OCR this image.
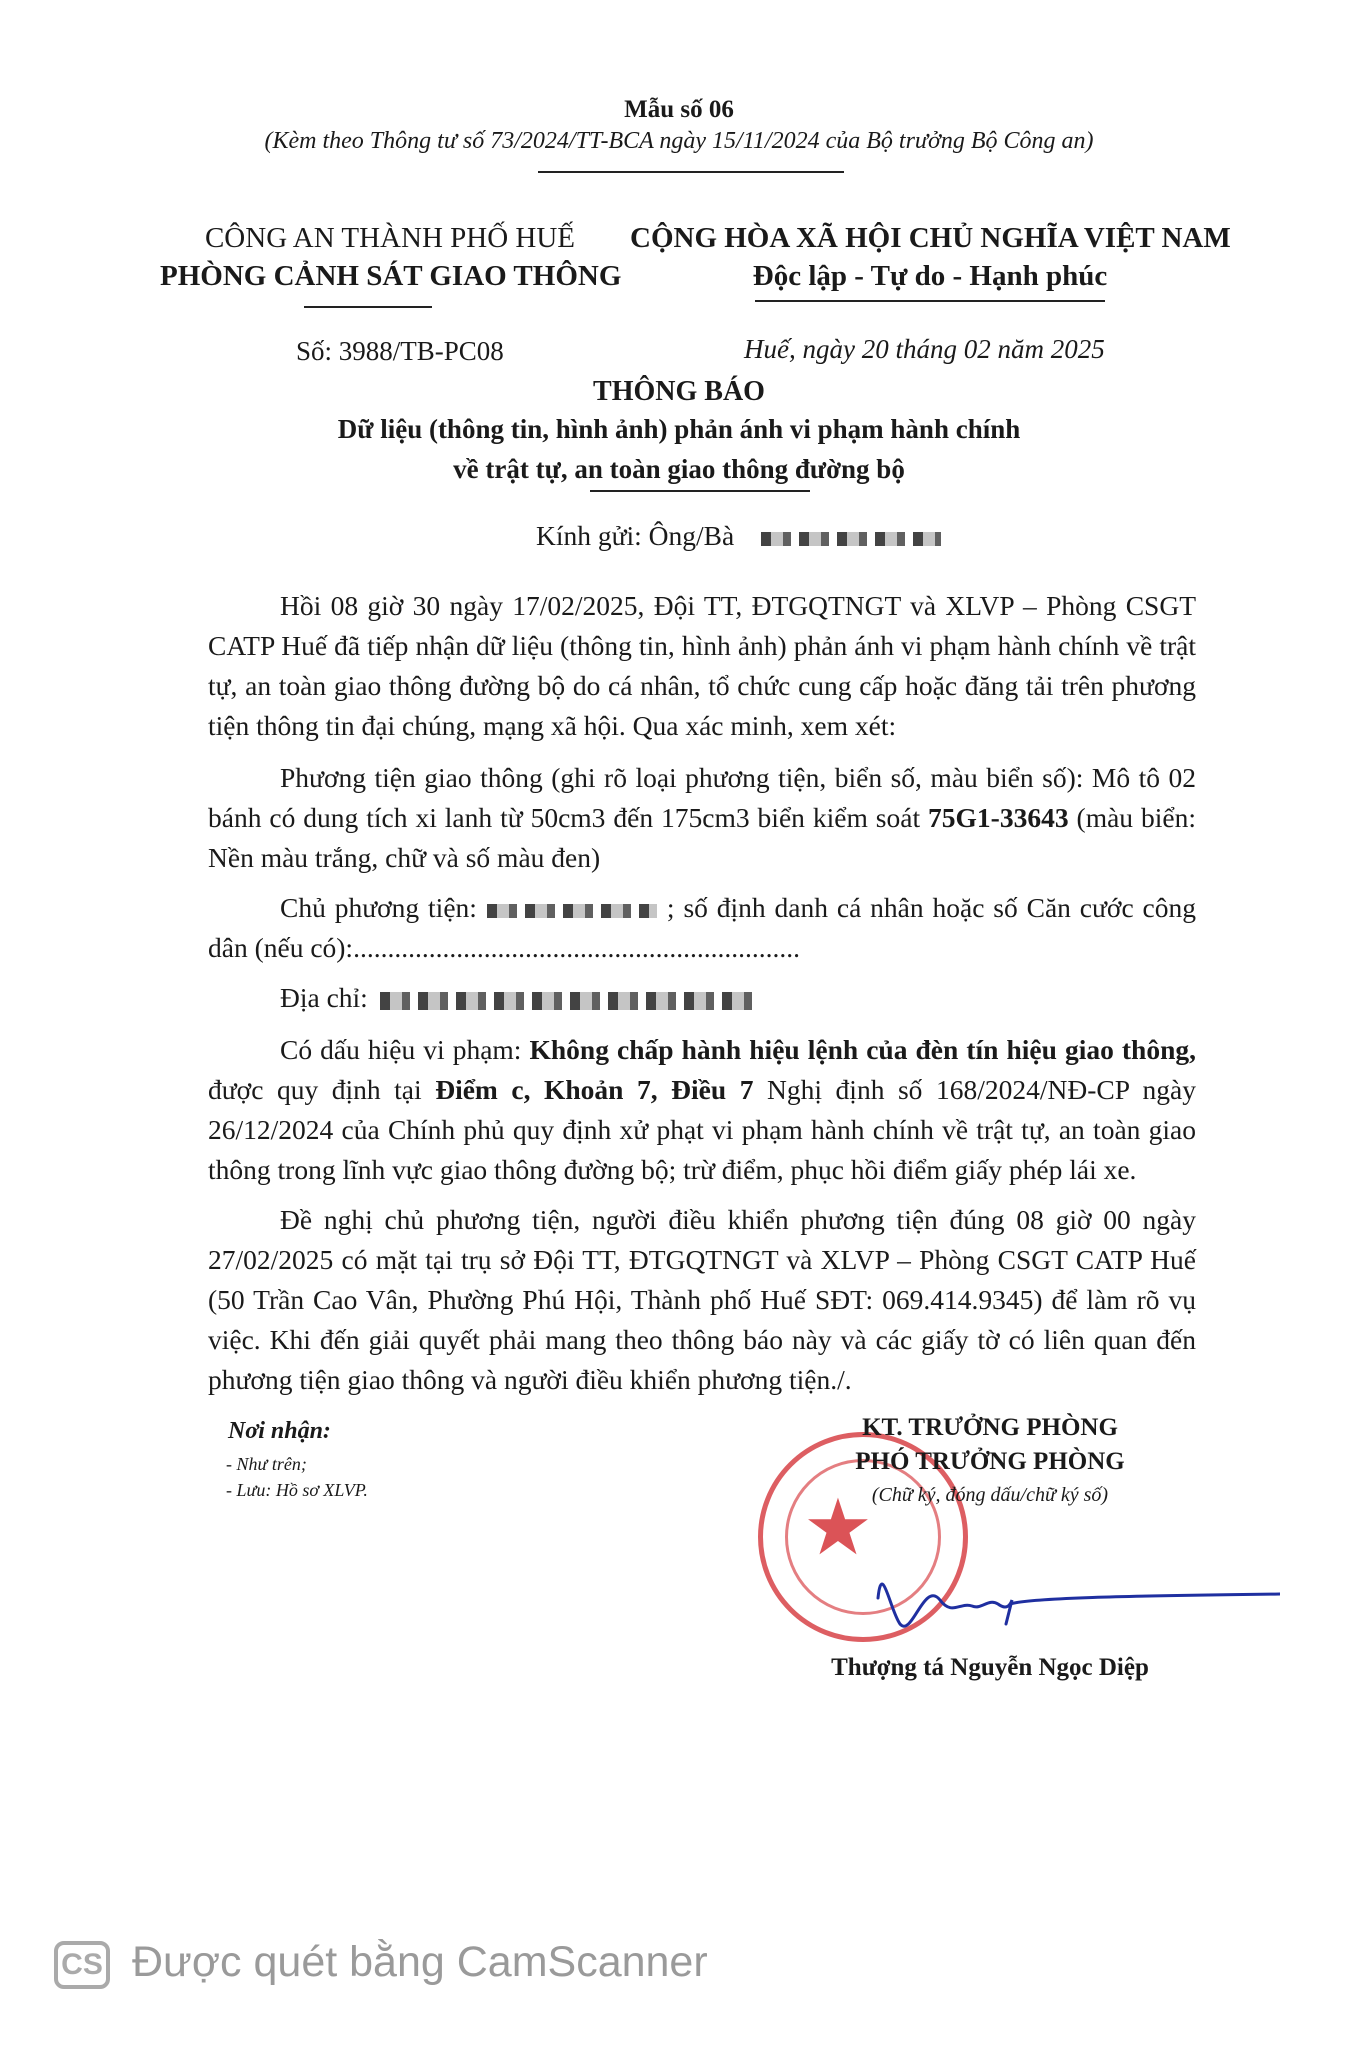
Mẫu số 06
(Kèm theo Thông tư số 73/2024/TT-BCA ngày 15/11/2024 của Bộ trưởng Bộ Công an)
CÔNG AN THÀNH PHỐ HUẾ
PHÒNG CẢNH SÁT GIAO THÔNG
CỘNG HÒA XÃ HỘI CHỦ NGHĨA VIỆT NAM
Độc lập - Tự do - Hạnh phúc
Số: 3988/TB-PC08	Huế, ngày 20 tháng 02 năm 2025
THÔNG BÁO
Dữ liệu (thông tin, hình ảnh) phản ánh vi phạm hành chính
về trật tự, an toàn giao thông đường bộ
Kính gửi: Ông/Bà
Hồi 08 giờ 30 ngày 17/02/2025, Đội TT, ĐTGQTNGT và XLVP – Phòng CSGT
CATP Huế đã tiếp nhận dữ liệu (thông tin, hình ảnh) phản ánh vi phạm hành chính về trật
tự, an toàn giao thông đường bộ do cá nhân, tổ chức cung cấp hoặc đăng tải trên phương
tiện thông tin đại chúng, mạng xã hội. Qua xác minh, xem xét:
Phương tiện giao thông (ghi rõ loại phương tiện, biển số, màu biển số): Mô tô 02
bánh có dung tích xi lanh từ 50cm3 đến 175cm3 biển kiểm soát 75G1-33643 (màu biển:
Nền màu trắng, chữ và số màu đen)
Chủ phương tiện:	; số định danh cá nhân hoặc số Căn cước công
dân (nếu có):.................................................................
Địa chỉ:
Có dấu hiệu vi phạm: Không chấp hành hiệu lệnh của đèn tín hiệu giao thông,
được quy định tại Điểm c, Khoản 7, Điều 7 Nghị định số 168/2024/NĐ-CP ngày
26/12/2024 của Chính phủ quy định xử phạt vi phạm hành chính về trật tự, an toàn giao
thông trong lĩnh vực giao thông đường bộ; trừ điểm, phục hồi điểm giấy phép lái xe.
Đề nghị chủ phương tiện, người điều khiển phương tiện đúng 08 giờ 00 ngày
27/02/2025 có mặt tại trụ sở Đội TT, ĐTGQTNGT và XLVP – Phòng CSGT CATP Huế
(50 Trần Cao Vân, Phường Phú Hội, Thành phố Huế SĐT: 069.414.9345) để làm rõ vụ
việc. Khi đến giải quyết phải mang theo thông báo này và các giấy tờ có liên quan đến
phương tiện giao thông và người điều khiển phương tiện./.
Nơi nhận:
- Như trên;
- Lưu: Hồ sơ XLVP.	★
KT. TRƯỞNG PHÒNG
PHÓ TRƯỞNG PHÒNG
(Chữ ký, đóng dấu/chữ ký số)
Thượng tá Nguyễn Ngọc Diệp
CS Được quét bằng CamScanner
